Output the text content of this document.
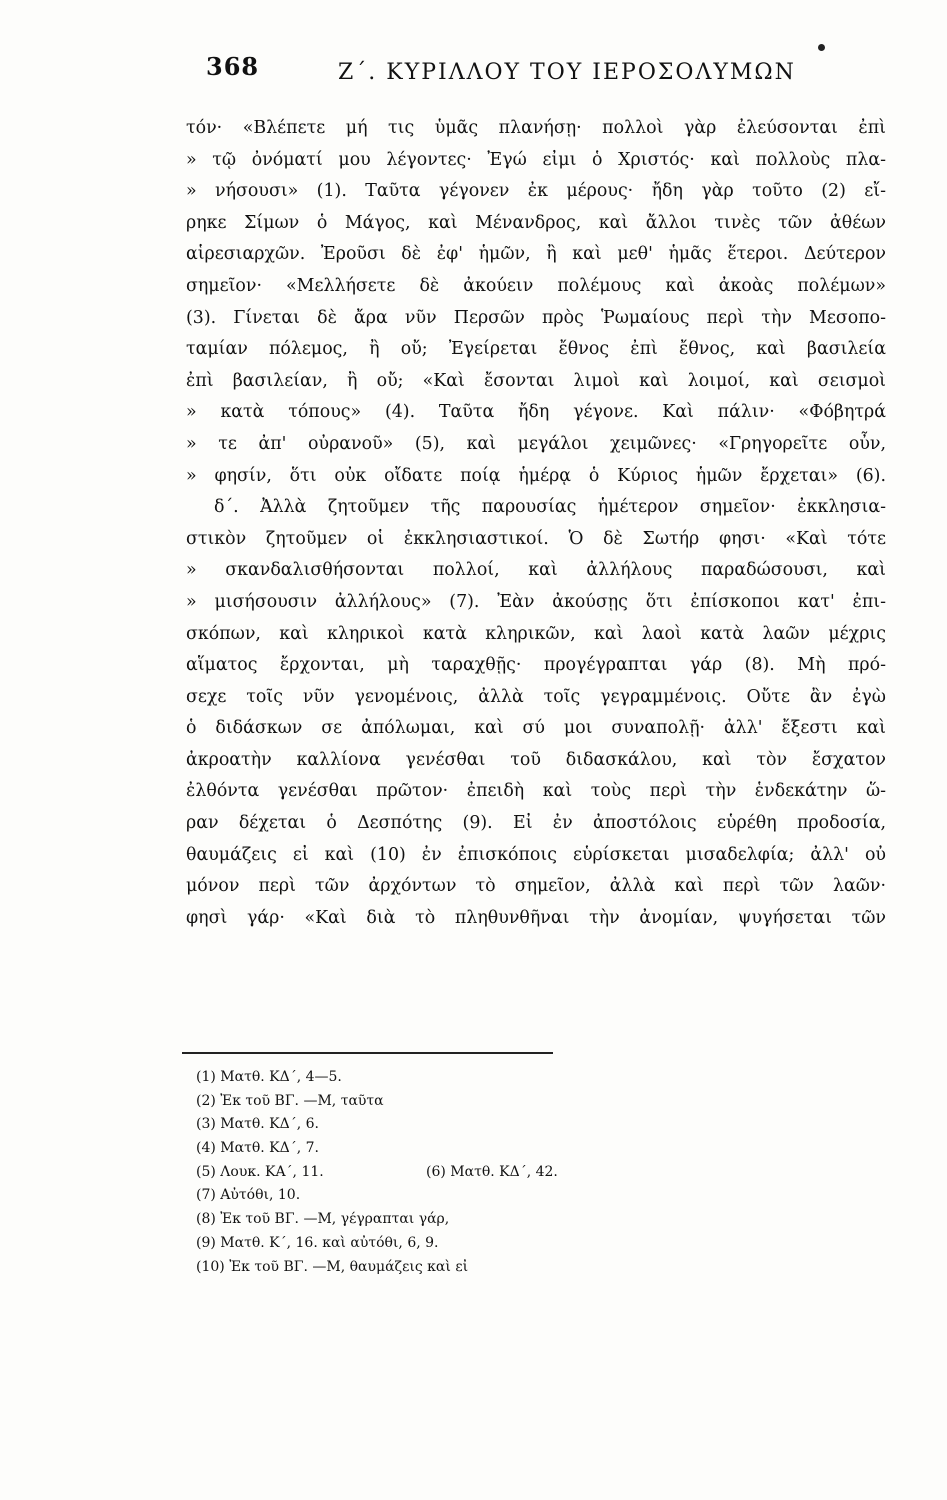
368	Ζ΄. ΚΥΡΙΛΛΟΥ ΤΟΥ ΙΕΡΟΣΟΛΥΜΩΝ
τόν· «Βλέπετε μή τις ὑμᾶς πλανήσῃ· πολλοὶ γὰρ ἐλεύσονται ἐπὶ
» τῷ ὀνόματί μου λέγοντες· Ἐγώ εἰμι ὁ Χριστός· καὶ πολλοὺς πλα-
» νήσουσι» (1). Ταῦτα γέγονεν ἐκ μέρους· ἤδη γὰρ τοῦτο (2) εἴ-
ρηκε Σίμων ὁ Μάγος, καὶ Μένανδρος, καὶ ἄλλοι τινὲς τῶν ἀθέων
αἱρεσιαρχῶν. Ἐροῦσι δὲ ἐφ' ἡμῶν, ἢ καὶ μεθ' ἡμᾶς ἕτεροι. Δεύτερον
σημεῖον· «Μελλήσετε δὲ ἀκούειν πολέμους καὶ ἀκοὰς πολέμων»
(3). Γίνεται δὲ ἄρα νῦν Περσῶν πρὸς Ῥωμαίους περὶ τὴν Μεσοπο-
ταμίαν πόλεμος, ἢ οὔ; Ἐγείρεται ἔθνος ἐπὶ ἔθνος, καὶ βασιλεία
ἐπὶ βασιλείαν, ἢ οὔ; «Καὶ ἔσονται λιμοὶ καὶ λοιμοί, καὶ σεισμοὶ
» κατὰ τόπους» (4). Ταῦτα ἤδη γέγονε. Καὶ πάλιν· «Φόβητρά
» τε ἀπ' οὐρανοῦ» (5), καὶ μεγάλοι χειμῶνες· «Γρηγορεῖτε οὖν,
» φησίν, ὅτι οὐκ οἴδατε ποίᾳ ἡμέρᾳ ὁ Κύριος ἡμῶν ἔρχεται» (6).
δ΄. Ἀλλὰ ζητοῦμεν τῆς παρουσίας ἡμέτερον σημεῖον· ἐκκλησια-
στικὸν ζητοῦμεν οἱ ἐκκλησιαστικοί. Ὁ δὲ Σωτήρ φησι· «Καὶ τότε
» σκανδαλισθήσονται πολλοί, καὶ ἀλλήλους παραδώσουσι, καὶ
» μισήσουσιν ἀλλήλους» (7). Ἐὰν ἀκούσῃς ὅτι ἐπίσκοποι κατ' ἐπι-
σκόπων, καὶ κληρικοὶ κατὰ κληρικῶν, καὶ λαοὶ κατὰ λαῶν μέχρις
αἵματος ἔρχονται, μὴ ταραχθῇς· προγέγραπται γάρ (8). Μὴ πρό-
σεχε τοῖς νῦν γενομένοις, ἀλλὰ τοῖς γεγραμμένοις. Οὔτε ἂν ἐγὼ
ὁ διδάσκων σε ἀπόλωμαι, καὶ σύ μοι συναπολῇ· ἀλλ' ἔξεστι καὶ
ἀκροατὴν καλλίονα γενέσθαι τοῦ διδασκάλου, καὶ τὸν ἔσχατον
ἐλθόντα γενέσθαι πρῶτον· ἐπειδὴ καὶ τοὺς περὶ τὴν ἑνδεκάτην ὥ-
ραν δέχεται ὁ Δεσπότης (9). Εἰ ἐν ἀποστόλοις εὑρέθη προδοσία,
θαυμάζεις εἰ καὶ (10) ἐν ἐπισκόποις εὑρίσκεται μισαδελφία; ἀλλ' οὐ
μόνον περὶ τῶν ἀρχόντων τὸ σημεῖον, ἀλλὰ καὶ περὶ τῶν λαῶν·
φησὶ γάρ· «Καὶ διὰ τὸ πληθυνθῆναι τὴν ἀνομίαν, ψυγήσεται τῶν
(1) Ματθ. ΚΔ΄, 4—5.
(2) Ἐκ τοῦ ΒΓ. —Μ, ταῦτα
(3) Ματθ. ΚΔ΄, 6.
(4) Ματθ. ΚΔ΄, 7.
(5) Λουκ. ΚΑ΄, 11.	(6) Ματθ. ΚΔ΄, 42.
(7) Αὐτόθι, 10.
(8) Ἐκ τοῦ ΒΓ. —Μ, γέγραπται γάρ,
(9) Ματθ. Κ΄, 16. καὶ αὐτόθι, 6, 9.
(10) Ἐκ τοῦ ΒΓ. —Μ, θαυμάζεις καὶ εἰ
